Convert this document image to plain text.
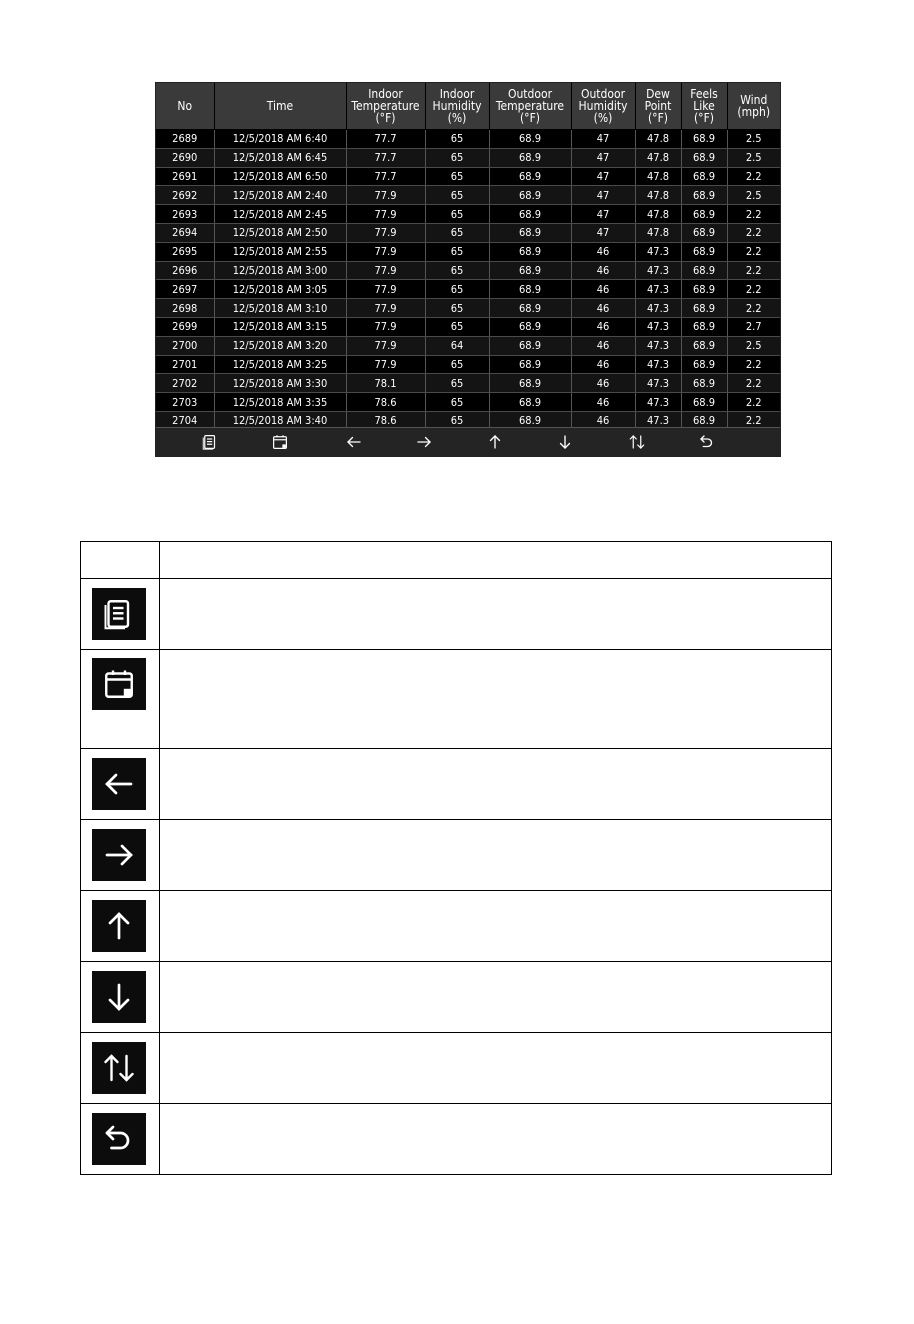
No	Time	Indoor
Temperature
(°F)	Indoor
Humidity
(%)	Outdoor
Temperature
(°F)	Outdoor
Humidity
(%)	Dew
Point
(°F)	Feels
Like
(°F)	Wind
(mph)
2689	12/5/2018 AM 6:40	77.7	65	68.9	47	47.8	68.9	2.5
2690	12/5/2018 AM 6:45	77.7	65	68.9	47	47.8	68.9	2.5
2691	12/5/2018 AM 6:50	77.7	65	68.9	47	47.8	68.9	2.2
2692	12/5/2018 AM 2:40	77.9	65	68.9	47	47.8	68.9	2.5
2693	12/5/2018 AM 2:45	77.9	65	68.9	47	47.8	68.9	2.2
2694	12/5/2018 AM 2:50	77.9	65	68.9	47	47.8	68.9	2.2
2695	12/5/2018 AM 2:55	77.9	65	68.9	46	47.3	68.9	2.2
2696	12/5/2018 AM 3:00	77.9	65	68.9	46	47.3	68.9	2.2
2697	12/5/2018 AM 3:05	77.9	65	68.9	46	47.3	68.9	2.2
2698	12/5/2018 AM 3:10	77.9	65	68.9	46	47.3	68.9	2.2
2699	12/5/2018 AM 3:15	77.9	65	68.9	46	47.3	68.9	2.7
2700	12/5/2018 AM 3:20	77.9	64	68.9	46	47.3	68.9	2.5
2701	12/5/2018 AM 3:25	77.9	65	68.9	46	47.3	68.9	2.2
2702	12/5/2018 AM 3:30	78.1	65	68.9	46	47.3	68.9	2.2
2703	12/5/2018 AM 3:35	78.6	65	68.9	46	47.3	68.9	2.2
2704	12/5/2018 AM 3:40	78.6	65	68.9	46	47.3	68.9	2.2
